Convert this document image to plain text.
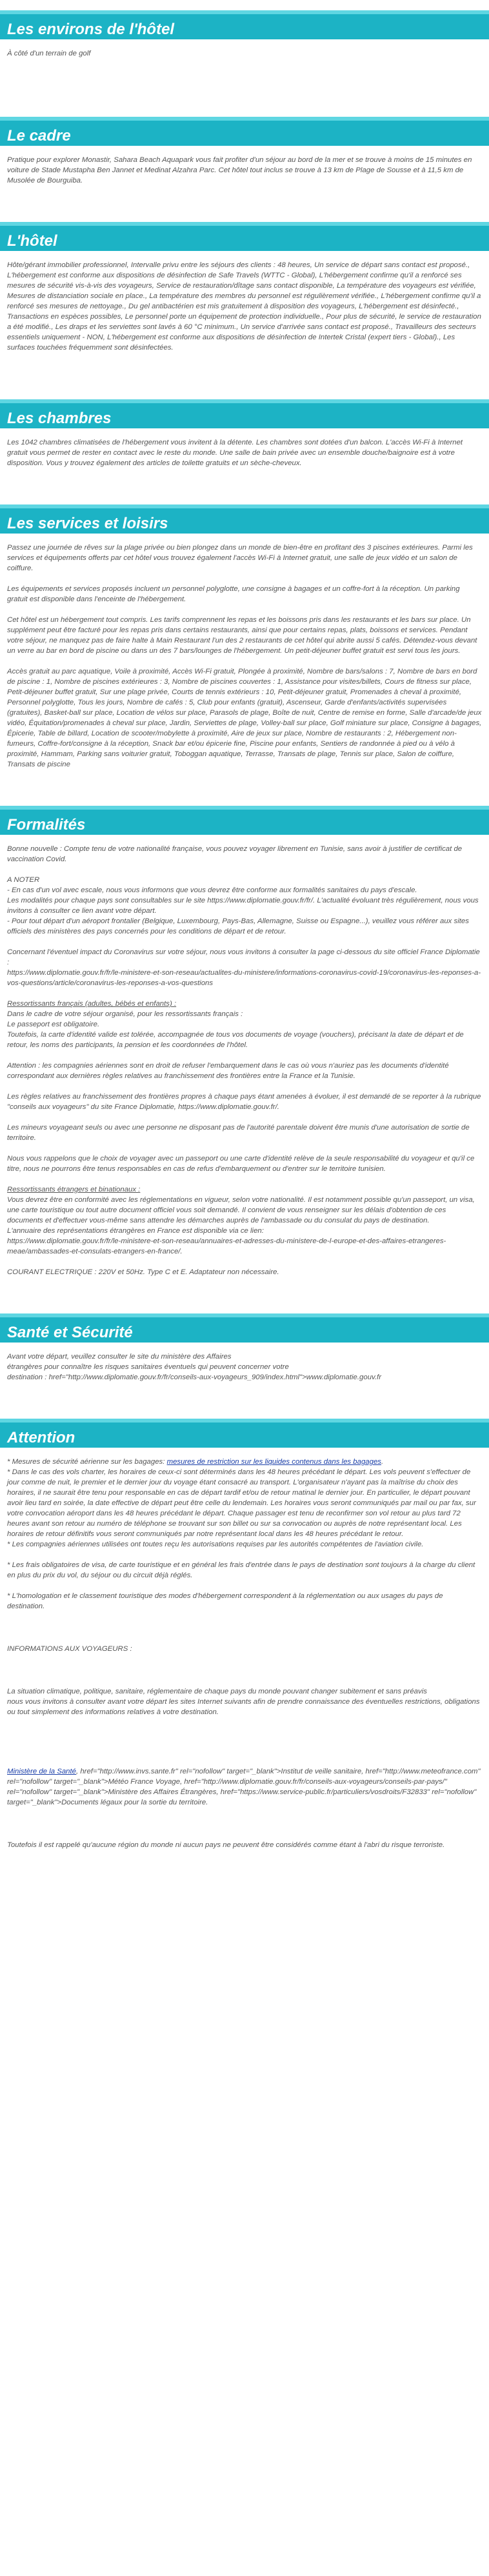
Les environs de l'hôtel

À côté d'un terrain de golf

Le cadre

Pratique pour explorer Monastir, Sahara Beach Aquapark vous fait profiter d'un séjour au bord de la mer et se trouve à moins de 15 minutes en voiture de Stade Mustapha Ben Jannet et Medinat Alzahra Parc. Cet hôtel tout inclus se trouve à 13 km de Plage de Sousse et à 11,5 km de Musolée de Bourguiba.

L'hôtel

Hôte/gérant immobilier professionnel, Intervalle privu entre les séjours des clients : 48 heures, Un service de départ sans contact est proposé., L'hébergement est conforme aux dispositions de désinfection de Safe Travels (WTTC - Global), L'hébergement confirme qu'il a renforcé ses mesures de sécurité vis-à-vis des voyageurs, Service de restauration/dîtage sans contact disponible, La température des voyageurs est vérifiée, Mesures de distanciation sociale en place., La température des membres du personnel est régulièrement vérifiée., L'hébergement confirme qu'il a renforcé ses mesures de nettoyage., Du gel antibactérien est mis gratuitement à disposition des voyageurs, L'hébergement est désinfecté., Transactions en espèces possibles, Le personnel porte un équipement de protection individuelle., Pour plus de sécurité, le service de restauration a été modifié., Les draps et les serviettes sont lavés à 60 °C minimum., Un service d'arrivée sans contact est proposé., Travailleurs des secteurs essentiels uniquement - NON, L'hébergement est conforme aux dispositions de désinfection de Intertek Cristal (expert tiers - Global)., Les surfaces touchées fréquemment sont désinfectées.

Les chambres

Les 1042 chambres climatisées de l'hébergement vous invitent à la détente. Les chambres sont dotées d'un balcon. L'accès Wi-Fi à Internet gratuit vous permet de rester en contact avec le reste du monde. Une salle de bain privée avec un ensemble douche/baignoire est à votre disposition. Vous y trouvez également des articles de toilette gratuits et un sèche-cheveux.

Les services et loisirs

Passez une journée de rêves sur la plage privée ou bien plongez dans un monde de bien-être en profitant des 3 piscines extérieures. Parmi les services et équipements offerts par cet hôtel vous trouvez également l'accès Wi-Fi à Internet gratuit, une salle de jeux vidéo et un salon de coiffure.

Les équipements et services proposés incluent un personnel polyglotte, une consigne à bagages et un coffre-fort à la réception. Un parking gratuit est disponible dans l'enceinte de l'hébergement.

Cet hôtel est un hébergement tout compris. Les tarifs comprennent les repas et les boissons pris dans les restaurants et les bars sur place. Un supplément peut être facturé pour les repas pris dans certains restaurants, ainsi que pour certains repas, plats, boissons et services. Pendant votre séjour, ne manquez pas de faire halte à Main Restaurant l'un des 2 restaurants de cet hôtel qui abrite aussi 5 cafés. Détendez-vous devant un verre au bar en bord de piscine ou dans un des 7 bars/lounges de l'hébergement. Un petit-déjeuner buffet gratuit est servi tous les jours.

Accès gratuit au parc aquatique, Voile à proximité, Accès Wi-Fi gratuit, Plongée à proximité, Nombre de bars/salons : 7, Nombre de bars en bord de piscine : 1, Nombre de piscines extérieures : 3, Nombre de piscines couvertes : 1, Assistance pour visites/billets, Cours de fitness sur place, Petit-déjeuner buffet gratuit, Sur une plage privée, Courts de tennis extérieurs : 10, Petit-déjeuner gratuit, Promenades à cheval à proximité, Personnel polyglotte, Tous les jours, Nombre de cafés : 5, Club pour enfants (gratuit), Ascenseur, Garde d'enfants/activités supervisées (gratuites), Basket-ball sur place, Location de vélos sur place, Parasols de plage, Boîte de nuit, Centre de remise en forme, Salle d'arcade/de jeux vidéo, Équitation/promenades à cheval sur place, Jardin, Serviettes de plage, Volley-ball sur place, Golf miniature sur place, Consigne à bagages, Épicerie, Table de billard, Location de scooter/mobylette à proximité, Aire de jeux sur place, Nombre de restaurants : 2, Hébergement non-fumeurs, Coffre-fort/consigne à la réception, Snack bar et/ou épicerie fine, Piscine pour enfants, Sentiers de randonnée à pied ou à vélo à proximité, Hammam, Parking sans voiturier gratuit, Toboggan aquatique, Terrasse, Transats de plage, Tennis sur place, Salon de coiffure, Transats de piscine

Formalités

Bonne nouvelle : Compte tenu de votre nationalité française, vous pouvez voyager librement en Tunisie, sans avoir à justifier de certificat de vaccination Covid.

A NOTER
- En cas d'un vol avec escale, nous vous informons que vous devrez être conforme aux formalités sanitaires du pays d'escale.
Les modalités pour chaque pays sont consultables sur le site https://www.diplomatie.gouv.fr/fr/. L'actualité évoluant très régulièrement, nous vous invitons à consulter ce lien avant votre départ.
- Pour tout départ d'un aéroport frontalier (Belgique, Luxembourg, Pays-Bas, Allemagne, Suisse ou Espagne...), veuillez vous référer aux sites officiels des ministères des pays concernés pour les conditions de départ et de retour.

Concernant l'éventuel impact du Coronavirus sur votre séjour, nous vous invitons à consulter la page ci-dessous du site officiel France Diplomatie :
https://www.diplomatie.gouv.fr/fr/le-ministere-et-son-reseau/actualites-du-ministere/informations-coronavirus-covid-19/coronavirus-les-reponses-a-vos-questions/article/coronavirus-les-reponses-a-vos-questions

Ressortissants français (adultes, bébés et enfants) :

Dans le cadre de votre séjour organisé, pour les ressortissants français :
Le passeport est obligatoire.
Toutefois, la carte d'identité valide est tolérée, accompagnée de tous vos documents de voyage (vouchers), précisant la date de départ et de retour, les noms des participants, la pension et les coordonnées de l'hôtel.

Attention : les compagnies aériennes sont en droit de refuser l'embarquement dans le cas où vous n'auriez pas les documents d'identité correspondant aux dernières règles relatives au franchissement des frontières entre la France et la Tunisie.

Les règles relatives au franchissement des frontières propres à chaque pays étant amenées à évoluer, il est demandé de se reporter à la rubrique "conseils aux voyageurs" du site France Diplomatie, https://www.diplomatie.gouv.fr/.

Les mineurs voyageant seuls ou avec une personne ne disposant pas de l'autorité parentale doivent être munis d'une autorisation de sortie de territoire.

Nous vous rappelons que le choix de voyager avec un passeport ou une carte d'identité relève de la seule responsabilité du voyageur et qu'il ce titre, nous ne pourrons être tenus responsables en cas de refus d'embarquement ou d'entrer sur le territoire tunisien.

Ressortissants étrangers et binationaux :

Vous devrez être en conformité avec les réglementations en vigueur, selon votre nationalité. Il est notamment possible qu'un passeport, un visa, une carte touristique ou tout autre document officiel vous soit demandé. Il convient de vous renseigner sur les délais d'obtention de ces documents et d'effectuer vous-même sans attendre les démarches auprès de l'ambassade ou du consulat du pays de destination.
L'annuaire des représentations étrangères en France est disponible via ce lien:
https://www.diplomatie.gouv.fr/fr/le-ministere-et-son-reseau/annuaires-et-adresses-du-ministere-de-l-europe-et-des-affaires-etrangeres-meae/ambassades-et-consulats-etrangers-en-france/.

COURANT ELECTRIQUE : 220V et 50Hz. Type C et E. Adaptateur non nécessaire.

Santé et Sécurité

Avant votre départ, veuillez consulter le site du ministère des Affaires
étrangères pour connaître les risques sanitaires éventuels qui peuvent concerner votre
destination : href="http://www.diplomatie.gouv.fr/fr/conseils-aux-voyageurs_909/index.html">www.diplomatie.gouv.fr

Attention

* Mesures de sécurité aérienne sur les bagages: mesures de restriction sur les liquides contenus dans les bagages.
* Dans le cas des vols charter, les horaires de ceux-ci sont déterminés dans les 48 heures précédant le départ. Les vols peuvent s'effectuer de jour comme de nuit, le premier et le dernier jour du voyage étant consacré au transport. L'organisateur n'ayant pas la maîtrise du choix des horaires, il ne saurait être tenu pour responsable en cas de départ tardif et/ou de retour matinal le dernier jour. En particulier, le départ pouvant avoir lieu tard en soirée, la date effective de départ peut être celle du lendemain. Les horaires vous seront communiqués par mail ou par fax, sur votre convocation aéroport dans les 48 heures précédant le départ. Chaque passager est tenu de reconfirmer son vol retour au plus tard 72 heures avant son retour au numéro de téléphone se trouvant sur son billet ou sur sa convocation ou auprès de notre représentant local. Les horaires de retour définitifs vous seront communiqués par notre représentant local dans les 48 heures précédant le retour.
* Les compagnies aériennes utilisées ont toutes reçu les autorisations requises par les autorités compétentes de l'aviation civile.

* Les frais obligatoires de visa, de carte touristique et en général les frais d'entrée dans le pays de destination sont toujours à la charge du client en plus du prix du vol, du séjour ou du circuit déjà réglés.

* L'homologation et le classement touristique des modes d'hébergement correspondent à la réglementation ou aux usages du pays de destination.

INFORMATIONS AUX VOYAGEURS :

La situation climatique, politique, sanitaire, réglementaire de chaque pays du monde pouvant changer subitement et sans préavis
nous vous invitons à consulter avant votre départ les sites Internet suivants afin de prendre connaissance des éventuelles restrictions, obligations ou tout simplement des informations relatives à votre destination.

Ministère de la Santé, href="http://www.invs.sante.fr" rel="nofollow" target="_blank">Institut de veille sanitaire, href="http://www.meteofrance.com" rel="nofollow" target="_blank">Météo France Voyage, href="http://www.diplomatie.gouv.fr/fr/conseils-aux-voyageurs/conseils-par-pays/" rel="nofollow" target="_blank">Ministère des Affaires Étrangères, href="https://www.service-public.fr/particuliers/vosdroits/F32833" rel="nofollow" target="_blank">Documents légaux pour la sortie du territoire.

Toutefois il est rappelé qu'aucune région du monde ni aucun pays ne peuvent être considérés comme étant à l'abri du risque terroriste.
